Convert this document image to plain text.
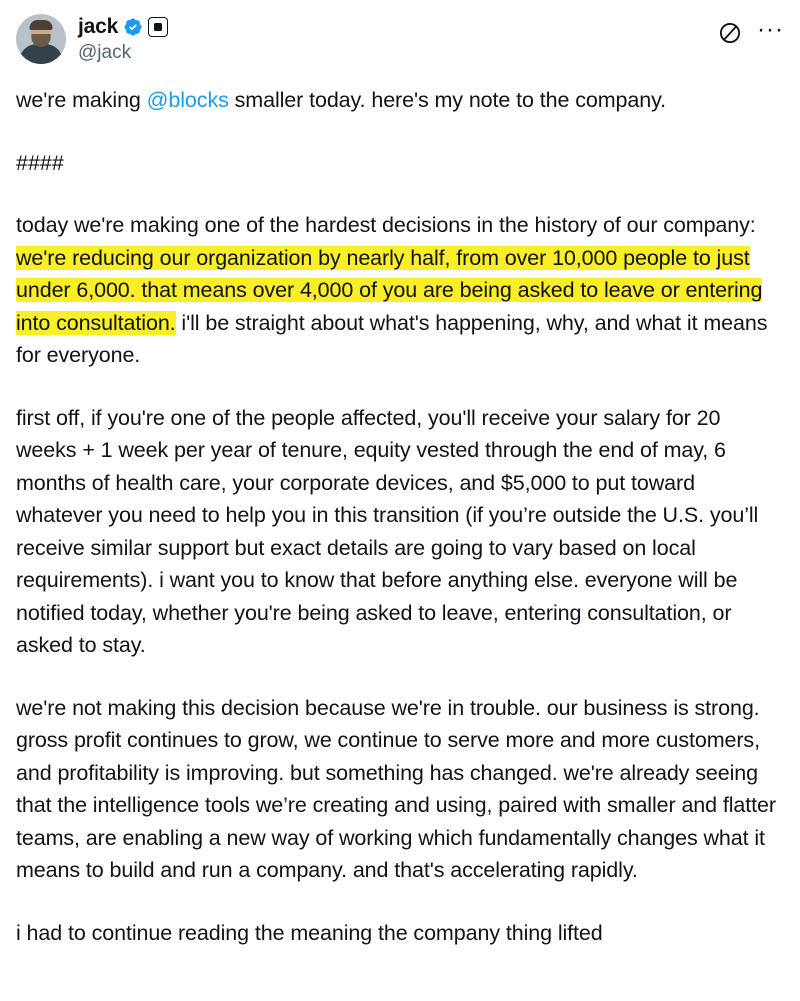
jack
@jack
···

we're making @blocks smaller today. here's my note to the company.

####

today we're making one of the hardest decisions in the history of our company: we're reducing our organization by nearly half, from over 10,000 people to just under 6,000. that means over 4,000 of you are being asked to leave or entering into consultation. i'll be straight about what's happening, why, and what it means for everyone.

first off, if you're one of the people affected, you'll receive your salary for 20 weeks + 1 week per year of tenure, equity vested through the end of may, 6 months of health care, your corporate devices, and $5,000 to put toward whatever you need to help you in this transition (if you’re outside the U.S. you’ll receive similar support but exact details are going to vary based on local requirements). i want you to know that before anything else. everyone will be notified today, whether you're being asked to leave, entering consultation, or asked to stay.

we're not making this decision because we're in trouble. our business is strong. gross profit continues to grow, we continue to serve more and more customers, and profitability is improving. but something has changed. we're already seeing that the intelligence tools we’re creating and using, paired with smaller and flatter teams, are enabling a new way of working which fundamentally changes what it means to build and run a company. and that's accelerating rapidly.

i had to continue reading the meaning the company thing lifted
